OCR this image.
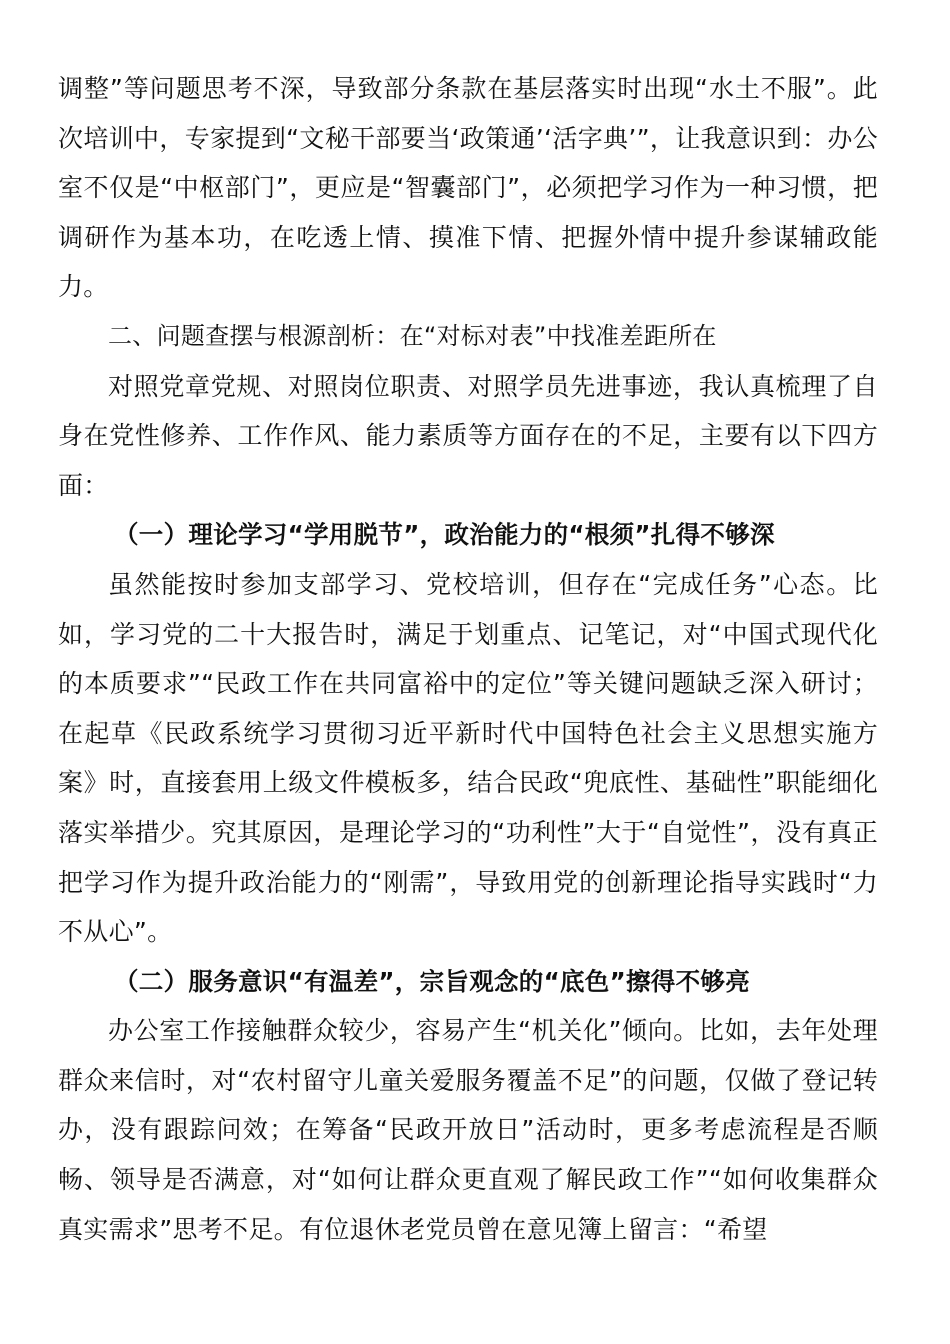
调整”等问题思考不深，导致部分条款在基层落实时出现“水土不服”。此次培训中，专家提到“文秘干部要当‘政策通’‘活字典’”，让我意识到：办公室不仅是“中枢部门”，更应是“智囊部门”，必须把学习作为一种习惯，把调研作为基本功，在吃透上情、摸准下情、把握外情中提升参谋辅政能力。

二、问题查摆与根源剖析：在“对标对表”中找准差距所在

对照党章党规、对照岗位职责、对照学员先进事迹，我认真梳理了自身在党性修养、工作作风、能力素质等方面存在的不足，主要有以下四方面：

（一）理论学习“学用脱节”，政治能力的“根须”扎得不够深

虽然能按时参加支部学习、党校培训，但存在“完成任务”心态。比如，学习党的二十大报告时，满足于划重点、记笔记，对“中国式现代化的本质要求”“民政工作在共同富裕中的定位”等关键问题缺乏深入研讨；在起草《民政系统学习贯彻习近平新时代中国特色社会主义思想实施方案》时，直接套用上级文件模板多，结合民政“兜底性、基础性”职能细化落实举措少。究其原因，是理论学习的“功利性”大于“自觉性”，没有真正把学习作为提升政治能力的“刚需”，导致用党的创新理论指导实践时“力不从心”。

（二）服务意识“有温差”，宗旨观念的“底色”擦得不够亮

办公室工作接触群众较少，容易产生“机关化”倾向。比如，去年处理群众来信时，对“农村留守儿童关爱服务覆盖不足”的问题，仅做了登记转办，没有跟踪问效；在筹备“民政开放日”活动时，更多考虑流程是否顺畅、领导是否满意，对“如何让群众更直观了解民政工作”“如何收集群众真实需求”思考不足。有位退休老党员曾在意见簿上留言：“希望
